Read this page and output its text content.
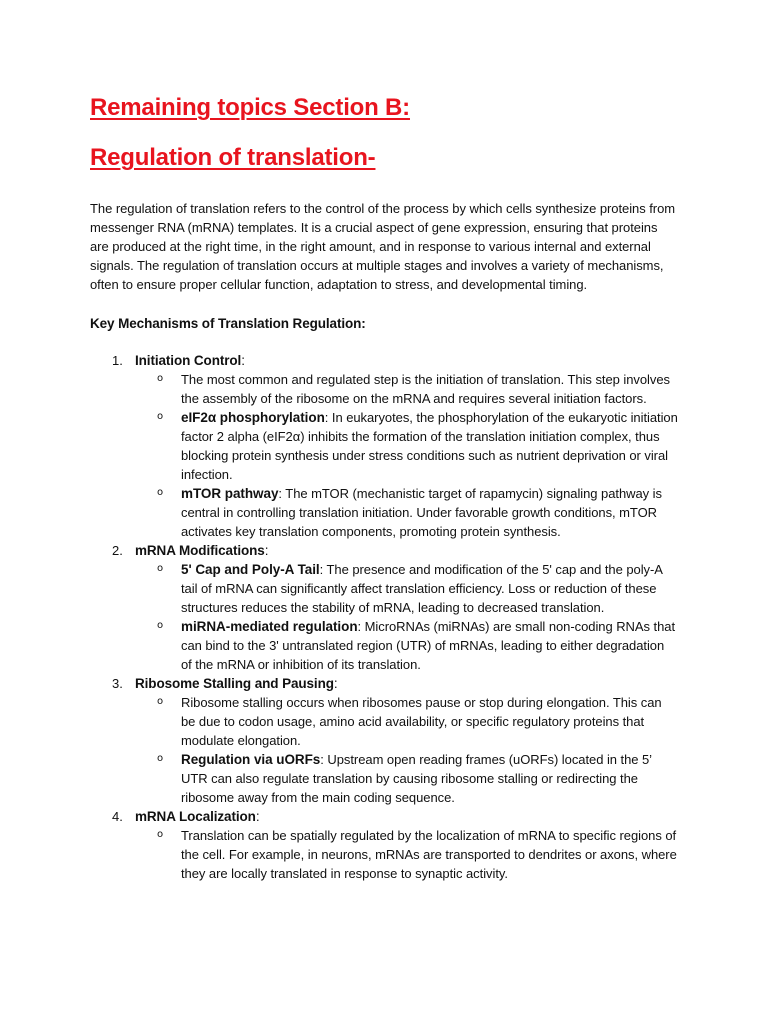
Remaining topics Section B:
Regulation of translation-

The regulation of translation refers to the control of the process by which cells synthesize proteins from messenger RNA (mRNA) templates. It is a crucial aspect of gene expression, ensuring that proteins are produced at the right time, in the right amount, and in response to various internal and external signals. The regulation of translation occurs at multiple stages and involves a variety of mechanisms, often to ensure proper cellular function, adaptation to stress, and developmental timing.

Key Mechanisms of Translation Regulation:

1. Initiation Control:
o The most common and regulated step is the initiation of translation. This step involves the assembly of the ribosome on the mRNA and requires several initiation factors.
o eIF2α phosphorylation: In eukaryotes, the phosphorylation of the eukaryotic initiation factor 2 alpha (eIF2α) inhibits the formation of the translation initiation complex, thus blocking protein synthesis under stress conditions such as nutrient deprivation or viral infection.
o mTOR pathway: The mTOR (mechanistic target of rapamycin) signaling pathway is central in controlling translation initiation. Under favorable growth conditions, mTOR activates key translation components, promoting protein synthesis.
2. mRNA Modifications:
o 5' Cap and Poly-A Tail: The presence and modification of the 5' cap and the poly-A tail of mRNA can significantly affect translation efficiency. Loss or reduction of these structures reduces the stability of mRNA, leading to decreased translation.
o miRNA-mediated regulation: MicroRNAs (miRNAs) are small non-coding RNAs that can bind to the 3' untranslated region (UTR) of mRNAs, leading to either degradation of the mRNA or inhibition of its translation.
3. Ribosome Stalling and Pausing:
o Ribosome stalling occurs when ribosomes pause or stop during elongation. This can be due to codon usage, amino acid availability, or specific regulatory proteins that modulate elongation.
o Regulation via uORFs: Upstream open reading frames (uORFs) located in the 5’ UTR can also regulate translation by causing ribosome stalling or redirecting the ribosome away from the main coding sequence.
4. mRNA Localization:
o Translation can be spatially regulated by the localization of mRNA to specific regions of the cell. For example, in neurons, mRNAs are transported to dendrites or axons, where they are locally translated in response to synaptic activity.
